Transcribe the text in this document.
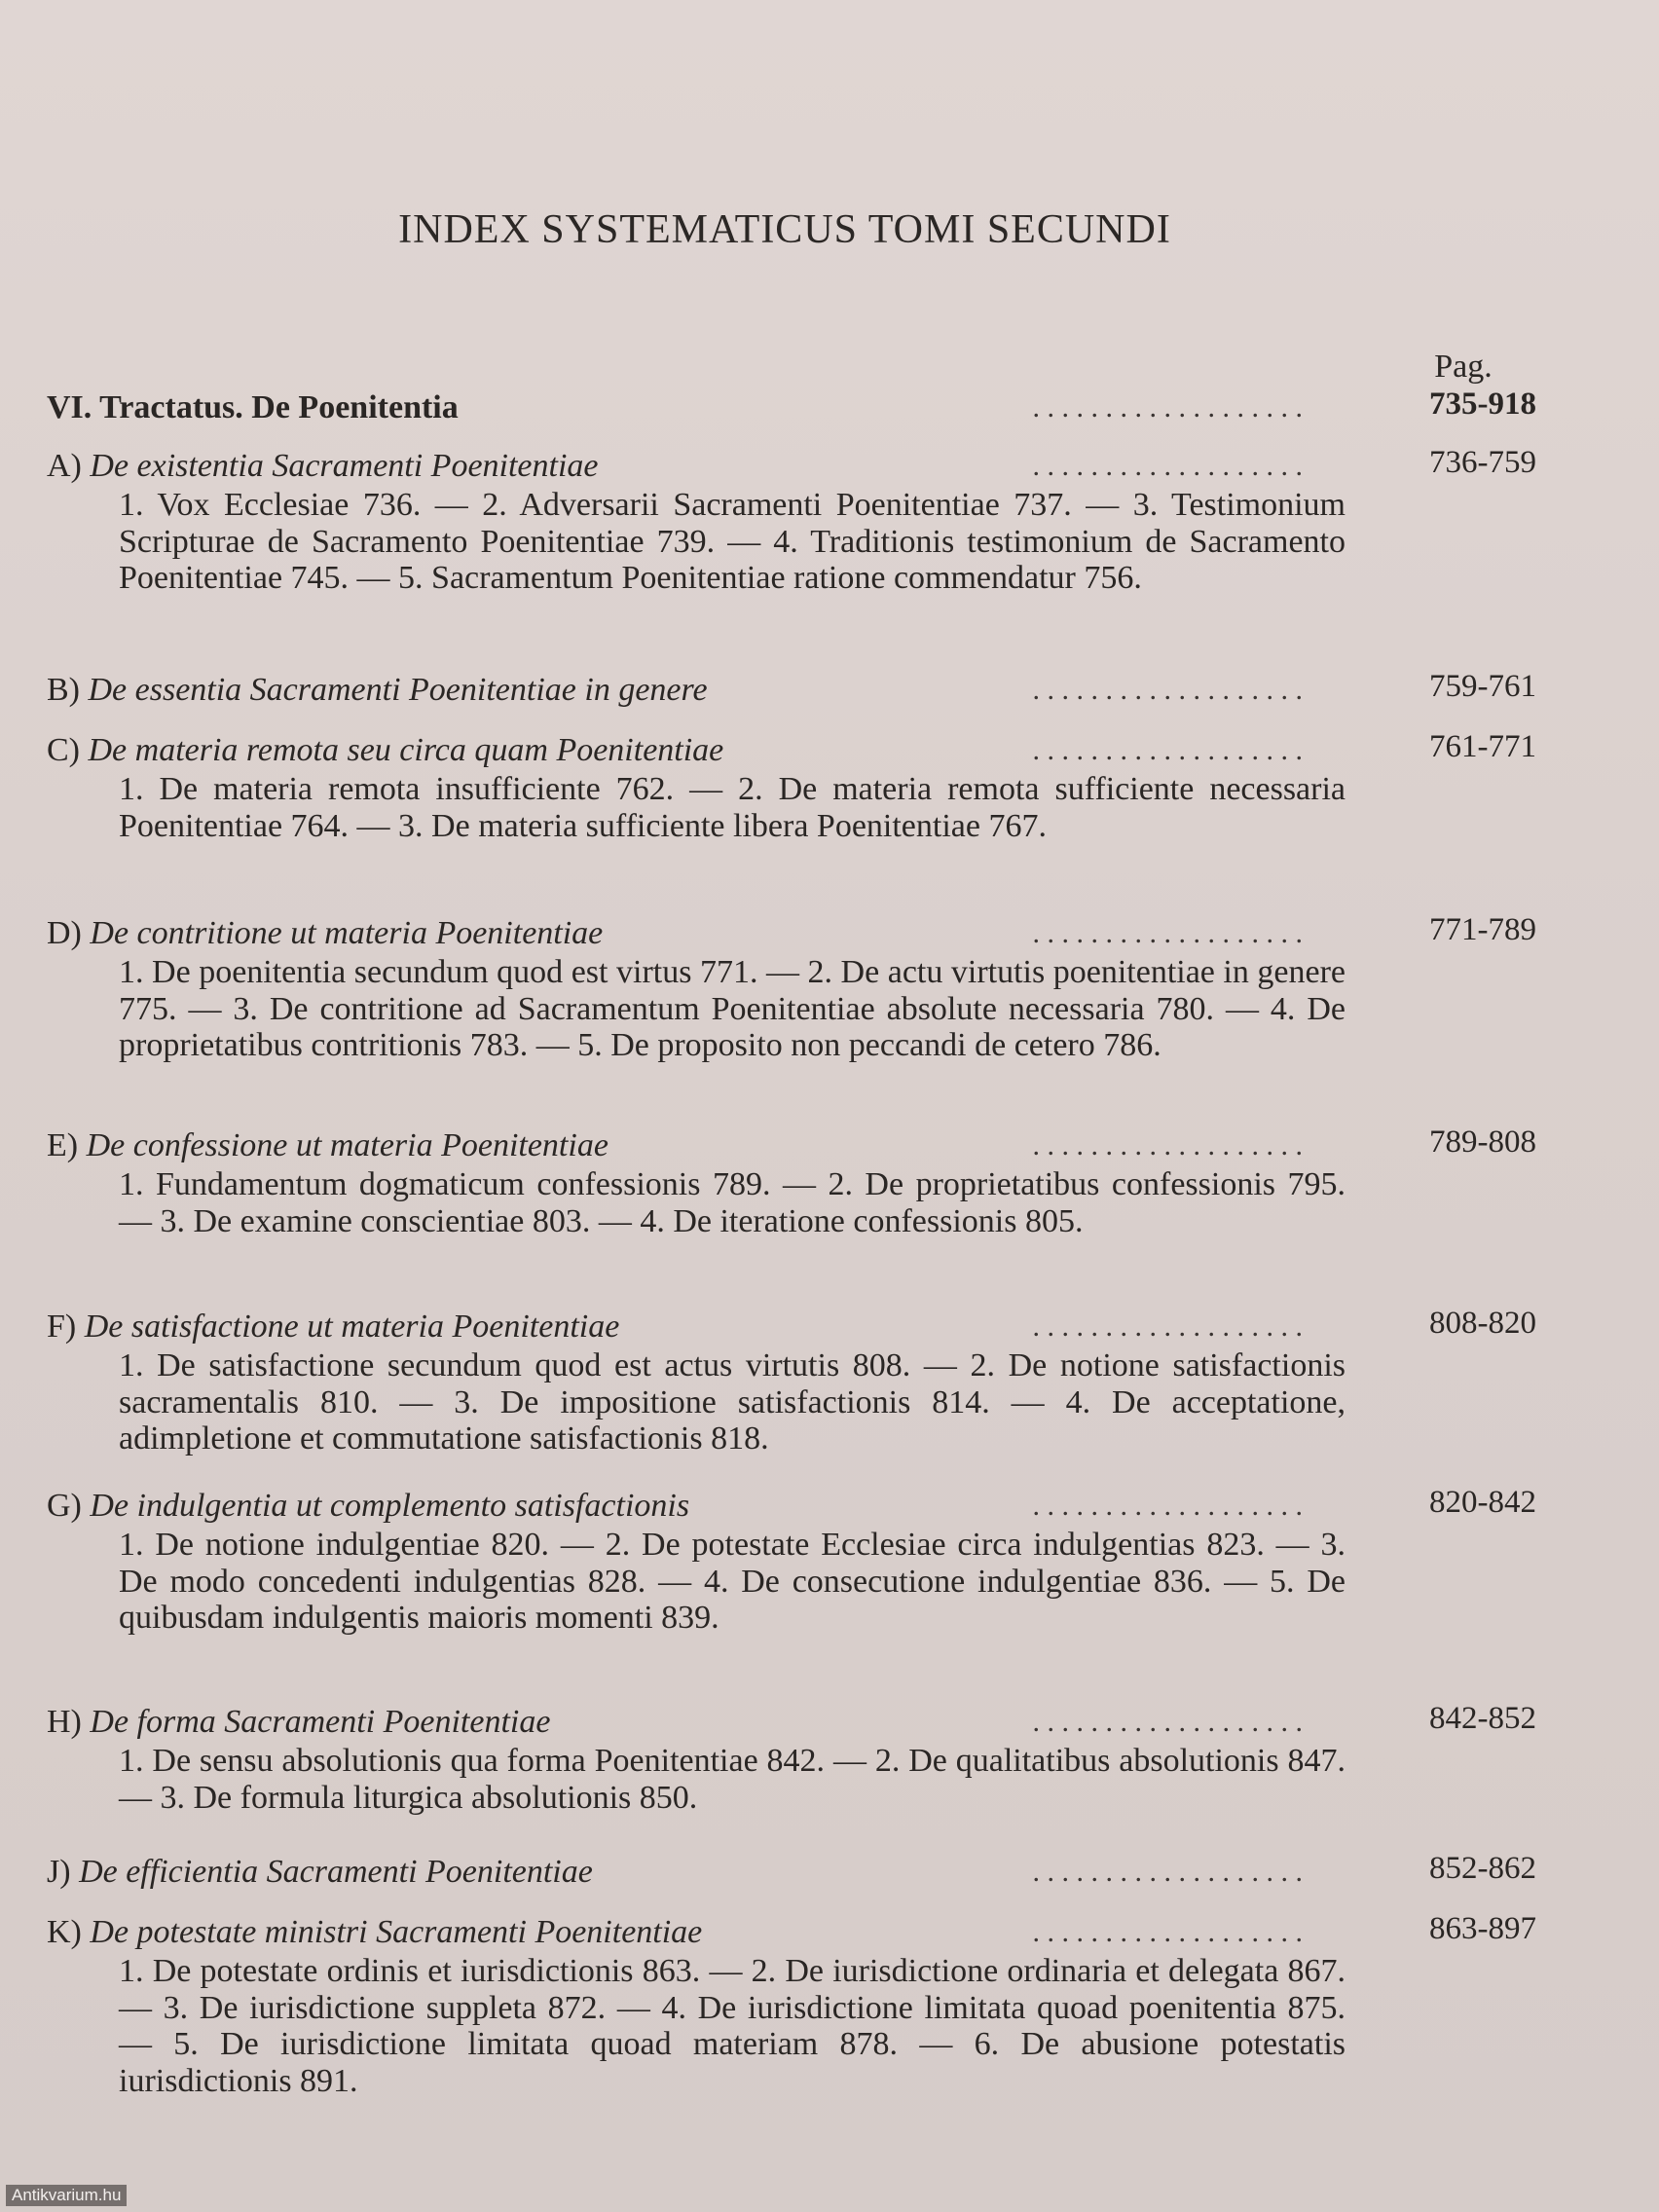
INDEX SYSTEMATICUS TOMI SECUNDI
Pag.
VI. Tractatus. De Poenitentia	. . . . . . . . . . . . . . . . . . .	735-918
A) De existentia Sacramenti Poenitentiae	. . . . . . . . . . . . . . . . . . .	736-759
1. Vox Ecclesiae 736. — 2. Adversarii Sacramenti Poenitentiae 737. — 3. Testimonium Scripturae de Sacramento Poenitentiae 739. — 4. Traditionis testimonium de Sacramento Poenitentiae 745. — 5. Sacramentum Poenitentiae ratione commendatur 756.
B) De essentia Sacramenti Poenitentiae in genere	. . . . . . . . . . . . . . . . . . .	759-761
C) De materia remota seu circa quam Poenitentiae	. . . . . . . . . . . . . . . . . . .	761-771
1. De materia remota insufficiente 762. — 2. De materia remota sufficiente necessaria Poenitentiae 764. — 3. De materia sufficiente libera Poenitentiae 767.
D) De contritione ut materia Poenitentiae	. . . . . . . . . . . . . . . . . . .	771-789
1. De poenitentia secundum quod est virtus 771. — 2. De actu virtutis poenitentiae in genere 775. — 3. De contritione ad Sacramentum Poenitentiae absolute necessaria 780. — 4. De proprietatibus contritionis 783. — 5. De proposito non peccandi de cetero 786.
E) De confessione ut materia Poenitentiae	. . . . . . . . . . . . . . . . . . .	789-808
1. Fundamentum dogmaticum confessionis 789. — 2. De proprietatibus confessionis 795. — 3. De examine conscientiae 803. — 4. De iteratione confessionis 805.
F) De satisfactione ut materia Poenitentiae	. . . . . . . . . . . . . . . . . . .	808-820
1. De satisfactione secundum quod est actus virtutis 808. — 2. De notione satisfactionis sacramentalis 810. — 3. De impositione satisfactionis 814. — 4. De acceptatione, adimpletione et commutatione satisfactionis 818.
G) De indulgentia ut complemento satisfactionis	. . . . . . . . . . . . . . . . . . .	820-842
1. De notione indulgentiae 820. — 2. De potestate Ecclesiae circa indulgentias 823. — 3. De modo concedenti indulgentias 828. — 4. De consecutione indulgentiae 836. — 5. De quibusdam indulgentis maioris momenti 839.
H) De forma Sacramenti Poenitentiae	. . . . . . . . . . . . . . . . . . .	842-852
1. De sensu absolutionis qua forma Poenitentiae 842. — 2. De qualitatibus absolutionis 847. — 3. De formula liturgica absolutionis 850.
J) De efficientia Sacramenti Poenitentiae	. . . . . . . . . . . . . . . . . . .	852-862
K) De potestate ministri Sacramenti Poenitentiae	. . . . . . . . . . . . . . . . . . .	863-897
1. De potestate ordinis et iurisdictionis 863. — 2. De iurisdictione ordinaria et delegata 867. — 3. De iurisdictione suppleta 872. — 4. De iurisdictione limitata quoad poenitentia 875. — 5. De iurisdictione limitata quoad materiam 878. — 6. De abusione potestatis iurisdictionis 891.
Antikvarium.hu
